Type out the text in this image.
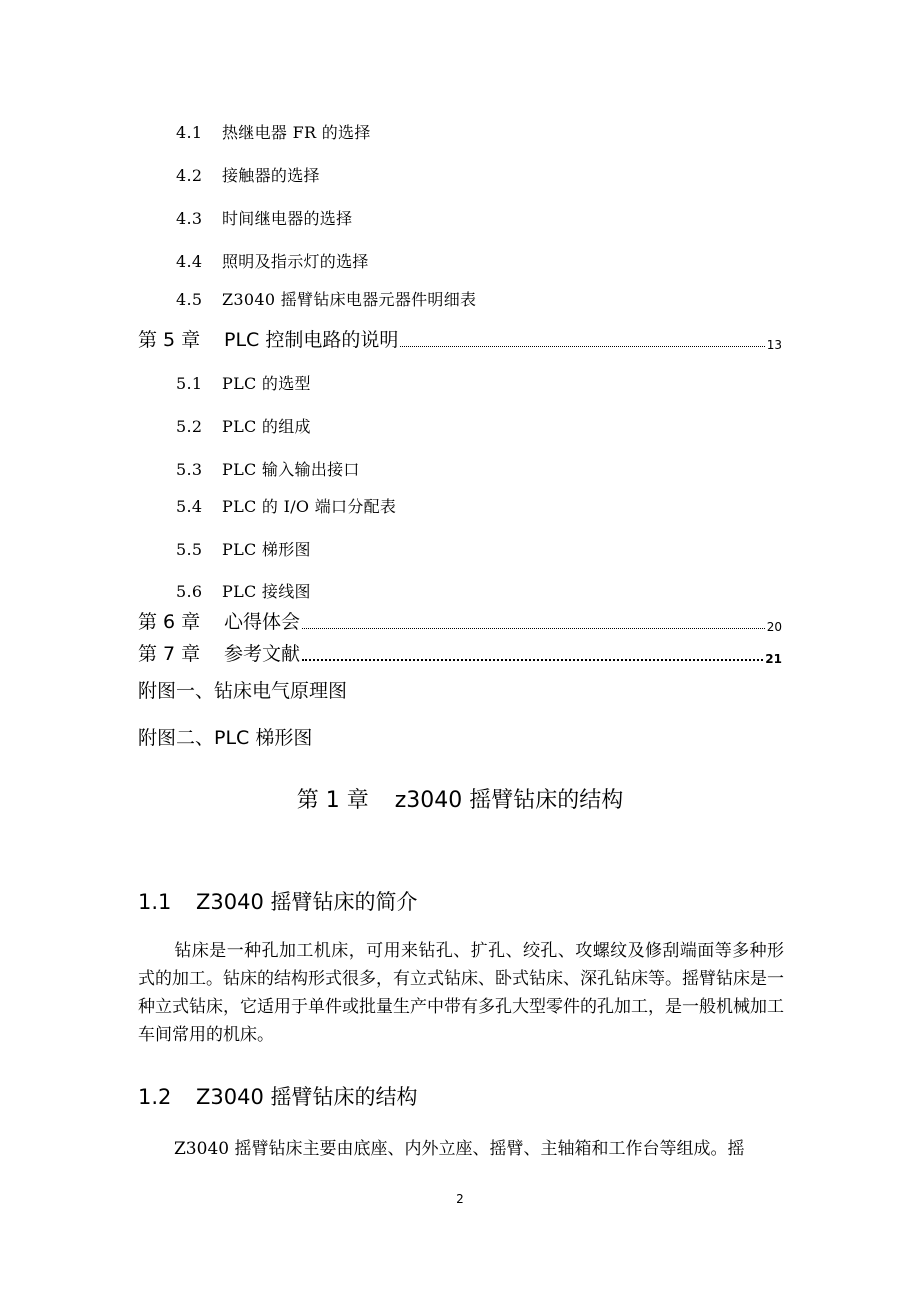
4.1 热继电器 FR 的选择
4.2 接触器的选择
4.3 时间继电器的选择
4.4 照明及指示灯的选择
4.5 Z3040 摇臂钻床电器元器件明细表
第 5 章	PLC 控制电路的说明	13
5.1 PLC 的选型
5.2 PLC 的组成
5.3 PLC 输入输出接口
5.4 PLC 的 I/O 端口分配表
5.5 PLC 梯形图
5.6 PLC 接线图
第 6 章	心得体会	20
第 7 章	参考文献	21
附图一、钻床电气原理图
附图二、PLC 梯形图
第 1 章 z3040 摇臂钻床的结构
1.1 Z3040 摇臂钻床的简介
钻床是一种孔加工机床，可用来钻孔、扩孔、绞孔、攻螺纹及修刮端面等多种形式的加工。钻床的结构形式很多，有立式钻床、卧式钻床、深孔钻床等。摇臂钻床是一种立式钻床，它适用于单件或批量生产中带有多孔大型零件的孔加工，是一般机械加工车间常用的机床。
1.2 Z3040 摇臂钻床的结构
Z3040 摇臂钻床主要由底座、内外立座、摇臂、主轴箱和工作台等组成。摇
2
